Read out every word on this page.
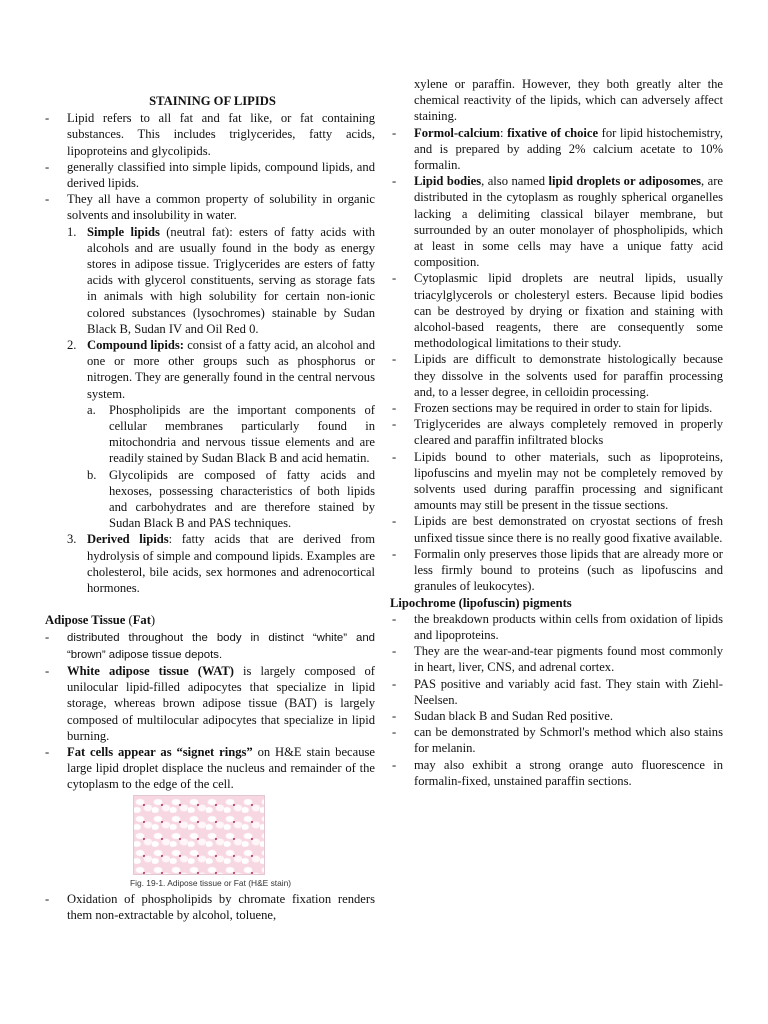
STAINING OF LIPIDS
- Lipid refers to all fat and fat like, or fat containing substances. This includes triglycerides, fatty acids, lipoproteins and glycolipids.
- generally classified into simple lipids, compound lipids, and derived lipids.
- They all have a common property of solubility in organic solvents and insolubility in water.
1. Simple lipids (neutral fat): esters of fatty acids with alcohols and are usually found in the body as energy stores in adipose tissue. Triglycerides are esters of fatty acids with glycerol constituents, serving as storage fats in animals with high solubility for certain non-ionic colored substances (lysochromes) stainable by Sudan Black B, Sudan IV and Oil Red 0.
2. Compound lipids: consist of a fatty acid, an alcohol and one or more other groups such as phosphorus or nitrogen. They are generally found in the central nervous system.
a. Phospholipids are the important components of cellular membranes particularly found in mitochondria and nervous tissue elements and are readily stained by Sudan Black B and acid hematin.
b. Glycolipids are composed of fatty acids and hexoses, possessing characteristics of both lipids and carbohydrates and are therefore stained by Sudan Black B and PAS techniques.
3. Derived lipids: fatty acids that are derived from hydrolysis of simple and compound lipids. Examples are cholesterol, bile acids, sex hormones and adrenocortical hormones.
Adipose Tissue (Fat)
- distributed throughout the body in distinct “white” and “brown” adipose tissue depots.
- White adipose tissue (WAT) is largely composed of unilocular lipid-filled adipocytes that specialize in lipid storage, whereas brown adipose tissue (BAT) is largely composed of multilocular adipocytes that specialize in lipid burning.
- Fat cells appear as “signet rings” on H&E stain because large lipid droplet displace the nucleus and remainder of the cytoplasm to the edge of the cell.
Fig. 19-1. Adipose tissue or Fat (H&E stain)
- Oxidation of phospholipids by chromate fixation renders them non-extractable by alcohol, toluene,
xylene or paraffin. However, they both greatly alter the chemical reactivity of the lipids, which can adversely affect staining.
- Formol-calcium: fixative of choice for lipid histochemistry, and is prepared by adding 2% calcium acetate to 10% formalin.
- Lipid bodies, also named lipid droplets or adiposomes, are distributed in the cytoplasm as roughly spherical organelles lacking a delimiting classical bilayer membrane, but surrounded by an outer monolayer of phospholipids, which at least in some cells may have a unique fatty acid composition.
- Cytoplasmic lipid droplets are neutral lipids, usually triacylglycerols or cholesteryl esters. Because lipid bodies can be destroyed by drying or fixation and staining with alcohol-based reagents, there are consequently some methodological limitations to their study.
- Lipids are difficult to demonstrate histologically because they dissolve in the solvents used for paraffin processing and, to a lesser degree, in celloidin processing.
- Frozen sections may be required in order to stain for lipids.
- Triglycerides are always completely removed in properly cleared and paraffin infiltrated blocks
- Lipids bound to other materials, such as lipoproteins, lipofuscins and myelin may not be completely removed by solvents used during paraffin processing and significant amounts may still be present in the tissue sections.
- Lipids are best demonstrated on cryostat sections of fresh unfixed tissue since there is no really good fixative available.
- Formalin only preserves those lipids that are already more or less firmly bound to proteins (such as lipofuscins and granules of leukocytes).
Lipochrome (lipofuscin) pigments
- the breakdown products within cells from oxidation of lipids and lipoproteins.
- They are the wear-and-tear pigments found most commonly in heart, liver, CNS, and adrenal cortex.
- PAS positive and variably acid fast. They stain with Ziehl-Neelsen.
- Sudan black B and Sudan Red positive.
- can be demonstrated by Schmorl's method which also stains for melanin.
- may also exhibit a strong orange auto fluorescence in formalin-fixed, unstained paraffin sections.
